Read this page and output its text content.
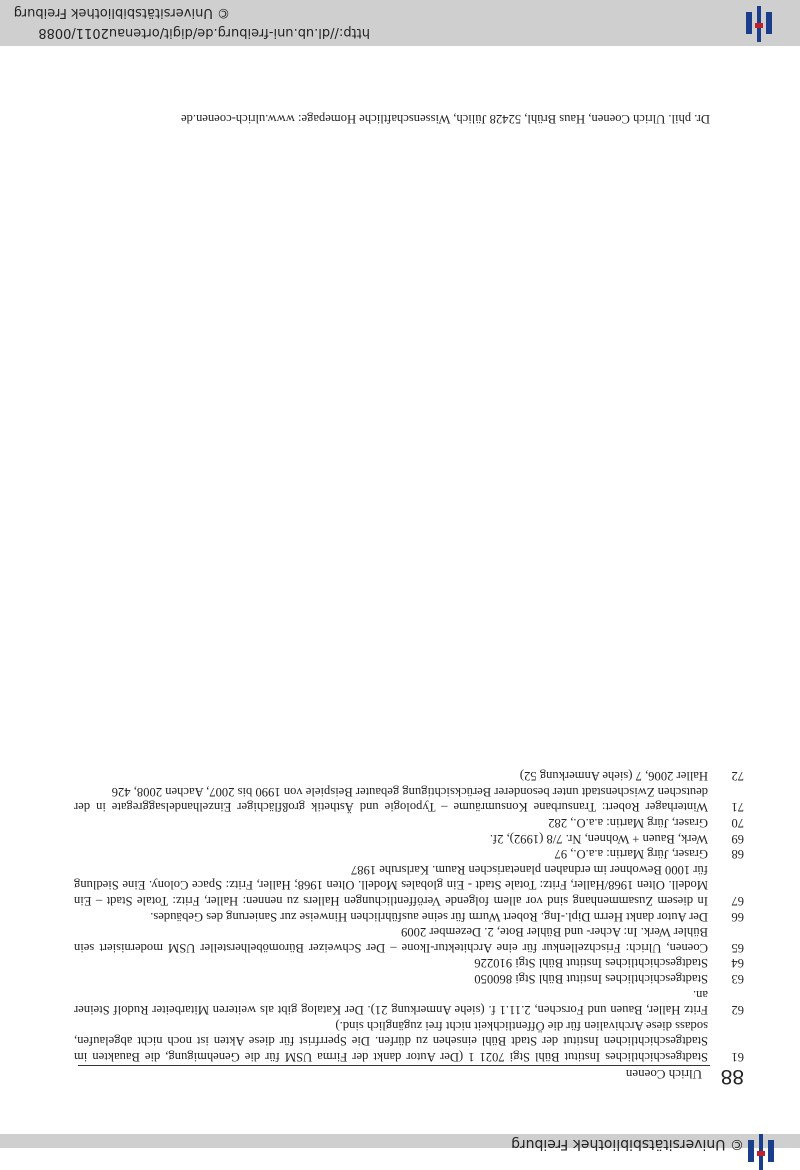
© Universitätsbibliothek Freiburg
88
Ulrich Coenen
61
Stadtgeschichtliches Institut Bühl Stgi 7021 1 (Der Autor dankt der Firma USM für die Genehmigung, die Bauakten im Stadtgeschichtlichen Institut der Stadt Bühl einsehen zu dürfen. Die Sperrfrist für diese Akten ist noch nicht abgelaufen, sodass diese Archivalien für die Öffentlichkeit nicht frei zugänglich sind.)
62
Fritz Haller, Bauen und Forschen, 2.11.1 f. (siehe Anmerkung 21). Der Katalog gibt als weiteren Mitarbeiter Rudolf Steiner an.
63
Stadtgeschichtliches Institut Bühl Stgi 860050
64
Stadtgeschichtliches Institut Bühl Stgi 910226
65
Coenen, Ulrich: Frischzellenkur für eine Architektur-Ikone – Der Schweizer Büromöbelhersteller USM modernisiert sein Bühler Werk. In: Acher- und Bühler Bote, 2. Dezember 2009
66
Der Autor dankt Herrn Dipl.-Ing. Robert Wurm für seine ausführlichen Hinweise zur Sanierung des Gebäudes.
67
In diesem Zusammenhang sind vor allem folgende Veröffentlichungen Hallers zu nennen: Haller, Fritz: Totale Stadt – Ein Modell. Olten 1968/Haller, Fritz: Totale Stadt - Ein globales Modell. Olten 1968; Haller, Fritz: Space Colony. Eine Siedlung für 1000 Bewohner im erdnahen planetarischen Raum. Karlsruhe 1987
68
Graser, Jürg Martin: a.a.O., 97
69
Werk, Bauen + Wohnen, Nr. 7/8 (1992), 2f.
70
Graser, Jürg Martin: a.a.O., 282
71
Winterhager Robert: Transurbane Konsumräume – Typologie und Ästhetik großflächiger Einzelhandelsaggregate in der deutschen Zwischenstadt unter besonderer Berücksichtigung gebauter Beispiele von 1990 bis 2007, Aachen 2008, 426
72
Haller 2006, 7 (siehe Anmerkung 52)
Dr. phil. Ulrich Coenen, Haus Brühl, 52428 Jülich, Wissenschaftliche Homepage: www.ulrich-coenen.de
http://dl.ub.uni-freiburg.de/digit/ortenau2011/0088
© Universitätsbibliothek Freiburg
